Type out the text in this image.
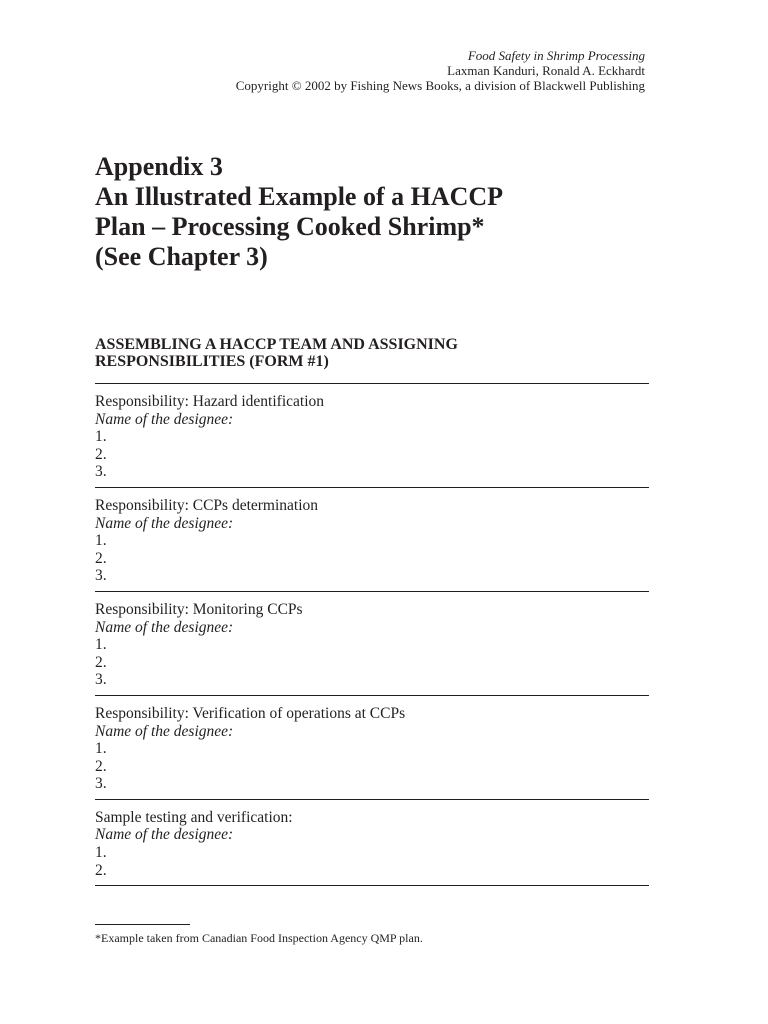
Food Safety in Shrimp Processing
Laxman Kanduri, Ronald A. Eckhardt
Copyright © 2002 by Fishing News Books, a division of Blackwell Publishing
Appendix 3
An Illustrated Example of a HACCP
Plan – Processing Cooked Shrimp*
(See Chapter 3)
ASSEMBLING A HACCP TEAM AND ASSIGNING
RESPONSIBILITIES (FORM #1)
Responsibility: Hazard identification
Name of the designee:
1.
2.
3.
Responsibility: CCPs determination
Name of the designee:
1.
2.
3.
Responsibility: Monitoring CCPs
Name of the designee:
1.
2.
3.
Responsibility: Verification of operations at CCPs
Name of the designee:
1.
2.
3.
Sample testing and verification:
Name of the designee:
1.
2.
*Example taken from Canadian Food Inspection Agency QMP plan.
